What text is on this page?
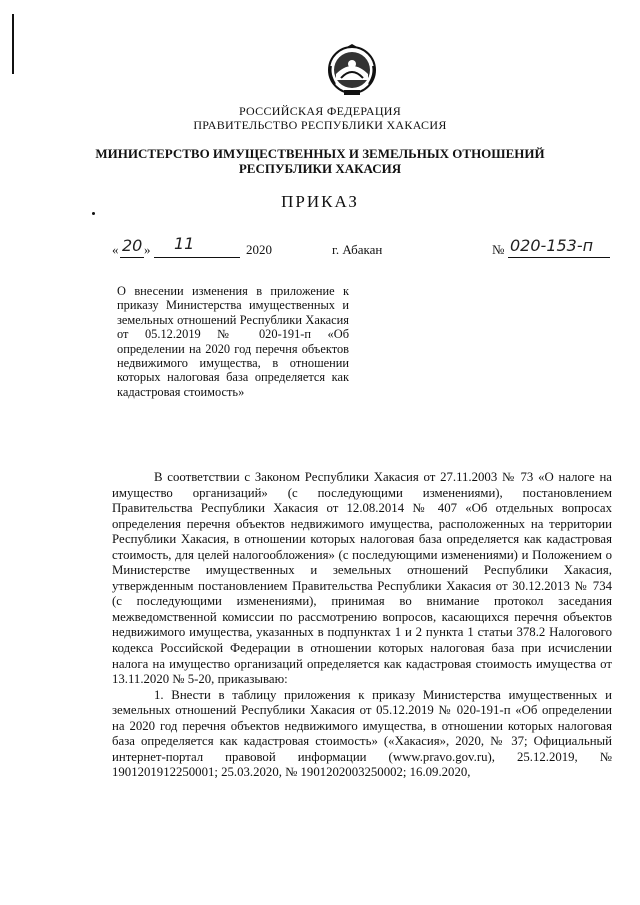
РОССИЙСКАЯ ФЕДЕРАЦИЯ
ПРАВИТЕЛЬСТВО РЕСПУБЛИКИ ХАКАСИЯ
МИНИСТЕРСТВО ИМУЩЕСТВЕННЫХ И ЗЕМЕЛЬНЫХ ОТНОШЕНИЙ
РЕСПУБЛИКИ ХАКАСИЯ
ПРИКАЗ
« 20 » 11	2020	г. Абакан	№ 020-153-п
О внесении изменения в приложение к приказу Министерства имущественных и земельных отношений Республики Хакасия от 05.12.2019 № 020-191-п «Об определении на 2020 год перечня объектов недвижимого имущества, в отношении которых налоговая база определяется как кадастровая стоимость»

В соответствии с Законом Республики Хакасия от 27.11.2003 № 73 «О налоге на имущество организаций» (с последующими изменениями), постановлением Правительства Республики Хакасия от 12.08.2014 № 407 «Об отдельных вопросах определения перечня объектов недвижимого имущества, расположенных на территории Республики Хакасия, в отношении которых налоговая база определяется как кадастровая стоимость, для целей налогообложения» (с последующими изменениями) и Положением о Министерстве имущественных и земельных отношений Республики Хакасия, утвержденным постановлением Правительства Республики Хакасия от 30.12.2013 № 734 (с последующими изменениями), принимая во внимание протокол заседания межведомственной комиссии по рассмотрению вопросов, касающихся перечня объектов недвижимого имущества, указанных в подпунктах 1 и 2 пункта 1 статьи 378.2 Налогового кодекса Российской Федерации в отношении которых налоговая база при исчислении налога на имущество организаций определяется как кадастровая стоимость имущества от 13.11.2020 № 5-20, приказываю:

1. Внести в таблицу приложения к приказу Министерства имущественных и земельных отношений Республики Хакасия от 05.12.2019 № 020-191-п «Об определении на 2020 год перечня объектов недвижимого имущества, в отношении которых налоговая база определяется как кадастровая стоимость» («Хакасия», 2020, № 37; Официальный интернет-портал правовой информации (www.pravo.gov.ru), 25.12.2019, № 1901201912250001; 25.03.2020, № 1901202003250002; 16.09.2020,
